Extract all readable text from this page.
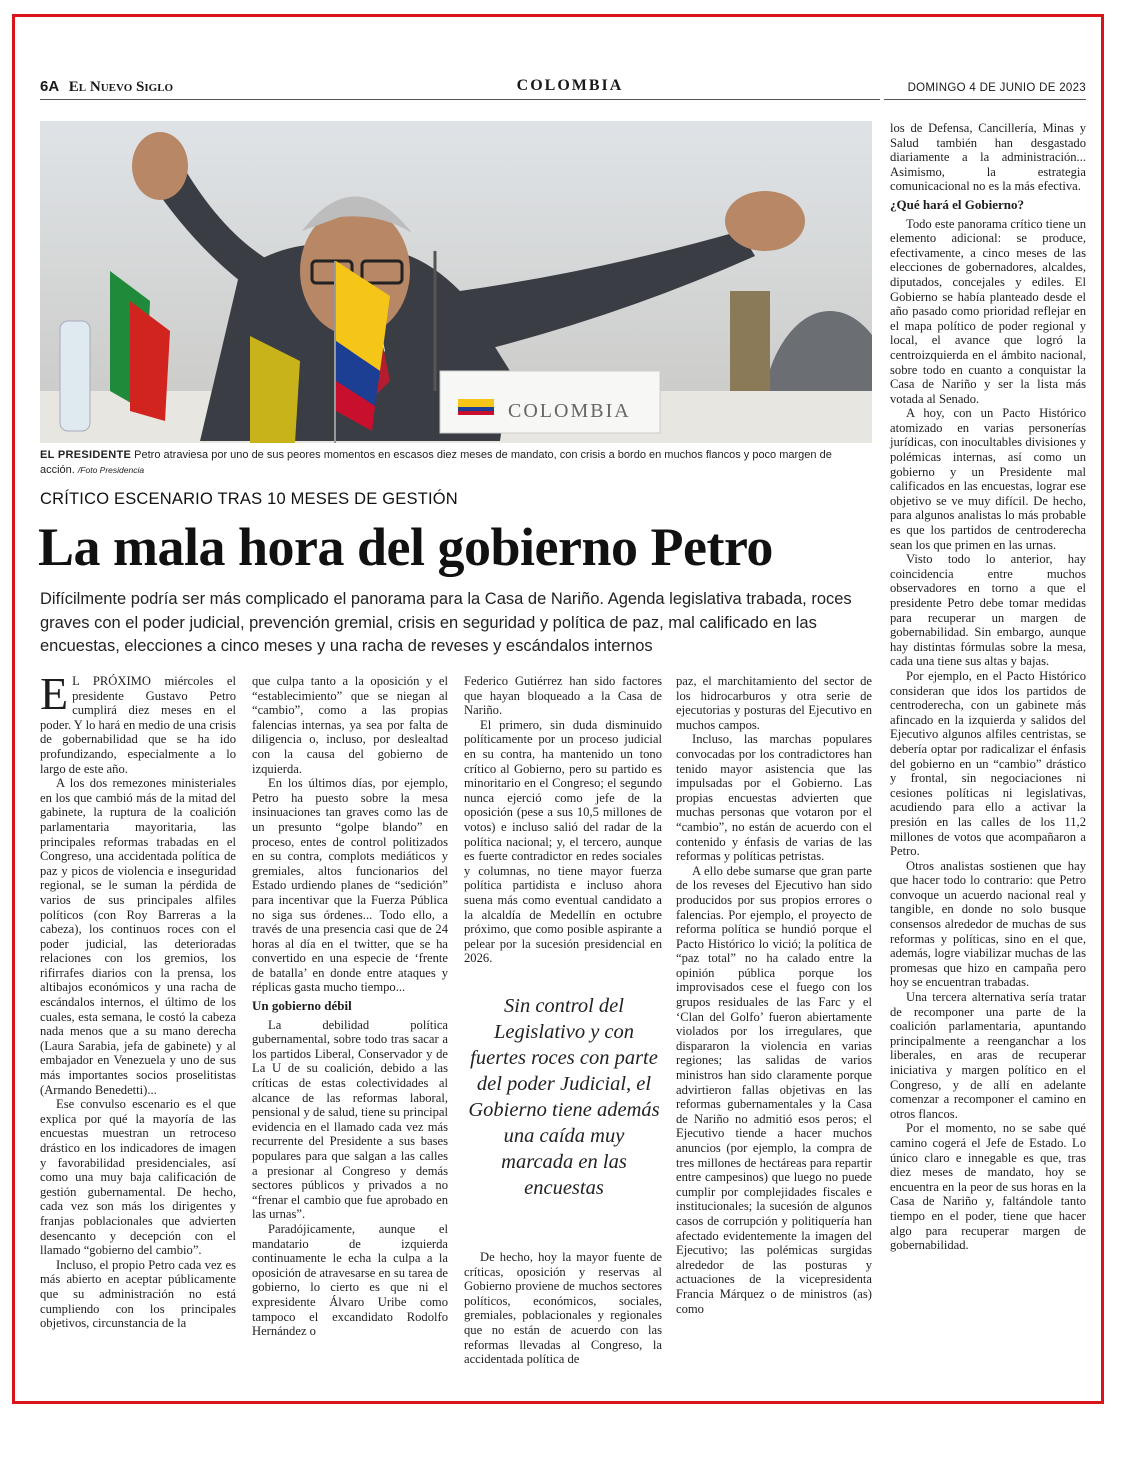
6A El Nuevo Siglo	COLOMBIA	DOMINGO 4 DE JUNIO DE 2023
COLOMBIA
EL PRESIDENTE Petro atraviesa por uno de sus peores momentos en escasos diez meses de mandato, con crisis a bordo en muchos flancos y poco margen de acción. /Foto Presidencia
CRÍTICO ESCENARIO TRAS 10 MESES DE GESTIÓN
La mala hora del gobierno Petro
Difícilmente podría ser más complicado el panorama para la Casa de Nariño. Agenda legislativa trabada, roces graves con el poder judicial, prevención gremial, crisis en seguridad y política de paz, mal calificado en las encuestas, elecciones a cinco meses y una racha de reveses y escándalos internos

E L PRÓXIMO miércoles el presidente Gustavo Petro cumplirá diez meses en el poder. Y lo hará en medio de una crisis de gobernabilidad que se ha ido profundizando, especialmente a lo largo de este año.

A los dos remezones ministeriales en los que cambió más de la mitad del gabinete, la ruptura de la coalición parlamentaria mayoritaria, las principales reformas trabadas en el Congreso, una accidentada política de paz y picos de violencia e inseguridad regional, se le suman la pérdida de varios de sus principales alfiles políticos (con Roy Barreras a la cabeza), los continuos roces con el poder judicial, las deterioradas relaciones con los gremios, los rifirrafes diarios con la prensa, los altibajos económicos y una racha de escándalos internos, el último de los cuales, esta semana, le costó la cabeza nada menos que a su mano derecha (Laura Sarabia, jefa de gabinete) y al embajador en Venezuela y uno de sus más importantes socios proselitistas (Armando Benedetti)...

Ese convulso escenario es el que explica por qué la mayoría de las encuestas muestran un retroceso drástico en los indicadores de imagen y favorabilidad presidenciales, así como una muy baja calificación de gestión gubernamental. De hecho, cada vez son más los dirigentes y franjas poblacionales que advierten desencanto y decepción con el llamado “gobierno del cambio”.

Incluso, el propio Petro cada vez es más abierto en aceptar públicamente que su administración no está cumpliendo con los principales objetivos, circunstancia de la

que culpa tanto a la oposición y el “establecimiento” que se niegan al “cambio”, como a las propias falencias internas, ya sea por falta de diligencia o, incluso, por deslealtad con la causa del gobierno de izquierda.

En los últimos días, por ejemplo, Petro ha puesto sobre la mesa insinuaciones tan graves como las de un presunto “golpe blando” en proceso, entes de control politizados en su contra, complots mediáticos y gremiales, altos funcionarios del Estado urdiendo planes de “sedición” para incentivar que la Fuerza Pública no siga sus órdenes... Todo ello, a través de una presencia casi que de 24 horas al día en el twitter, que se ha convertido en una especie de ‘frente de batalla’ en donde entre ataques y réplicas gasta mucho tiempo...

Un gobierno débil

La debilidad política gubernamental, sobre todo tras sacar a los partidos Liberal, Conservador y de La U de su coalición, debido a las críticas de estas colectividades al alcance de las reformas laboral, pensional y de salud, tiene su principal evidencia en el llamado cada vez más recurrente del Presidente a sus bases populares para que salgan a las calles a presionar al Congreso y demás sectores públicos y privados a no “frenar el cambio que fue aprobado en las urnas”.

Paradójicamente, aunque el mandatario de izquierda continuamente le echa la culpa a la oposición de atravesarse en su tarea de gobierno, lo cierto es que ni el expresidente Álvaro Uribe como tampoco el excandidato Rodolfo Hernández o

Federico Gutiérrez han sido factores que hayan bloqueado a la Casa de Nariño.

El primero, sin duda disminuido políticamente por un proceso judicial en su contra, ha mantenido un tono crítico al Gobierno, pero su partido es minoritario en el Congreso; el segundo nunca ejerció como jefe de la oposición (pese a sus 10,5 millones de votos) e incluso salió del radar de la política nacional; y, el tercero, aunque es fuerte contradictor en redes sociales y columnas, no tiene mayor fuerza política partidista e incluso ahora suena más como eventual candidato a la alcaldía de Medellín en octubre próximo, que como posible aspirante a pelear por la sucesión presidencial en 2026.

Sin control del Legislativo y con fuertes roces con parte del poder Judicial, el Gobierno tiene además una caída muy marcada en las encuestas

De hecho, hoy la mayor fuente de críticas, oposición y reservas al Gobierno proviene de muchos sectores políticos, económicos, sociales, gremiales, poblacionales y regionales que no están de acuerdo con las reformas llevadas al Congreso, la accidentada política de

paz, el marchitamiento del sector de los hidrocarburos y otra serie de ejecutorias y posturas del Ejecutivo en muchos campos.

Incluso, las marchas populares convocadas por los contradictores han tenido mayor asistencia que las impulsadas por el Gobierno. Las propias encuestas advierten que muchas personas que votaron por el “cambio”, no están de acuerdo con el contenido y énfasis de varias de las reformas y políticas petristas.

A ello debe sumarse que gran parte de los reveses del Ejecutivo han sido producidos por sus propios errores o falencias. Por ejemplo, el proyecto de reforma política se hundió porque el Pacto Histórico lo vició; la política de “paz total” no ha calado entre la opinión pública porque los improvisados cese el fuego con los grupos residuales de las Farc y el ‘Clan del Golfo’ fueron abiertamente violados por los irregulares, que dispararon la violencia en varias regiones; las salidas de varios ministros han sido claramente porque advirtieron fallas objetivas en las reformas gubernamentales y la Casa de Nariño no admitió esos peros; el Ejecutivo tiende a hacer muchos anuncios (por ejemplo, la compra de tres millones de hectáreas para repartir entre campesinos) que luego no puede cumplir por complejidades fiscales e institucionales; la sucesión de algunos casos de corrupción y politiquería han afectado evidentemente la imagen del Ejecutivo; las polémicas surgidas alrededor de las posturas y actuaciones de la vicepresidenta Francia Márquez o de ministros (as) como

los de Defensa, Cancillería, Minas y Salud también han desgastado diariamente a la administración... Asimismo, la estrategia comunicacional no es la más efectiva.

¿Qué hará el Gobierno?

Todo este panorama crítico tiene un elemento adicional: se produce, efectivamente, a cinco meses de las elecciones de gobernadores, alcaldes, diputados, concejales y ediles. El Gobierno se había planteado desde el año pasado como prioridad reflejar en el mapa político de poder regional y local, el avance que logró la centroizquierda en el ámbito nacional, sobre todo en cuanto a conquistar la Casa de Nariño y ser la lista más votada al Senado.

A hoy, con un Pacto Histórico atomizado en varias personerías jurídicas, con inocultables divisiones y polémicas internas, así como un gobierno y un Presidente mal calificados en las encuestas, lograr ese objetivo se ve muy difícil. De hecho, para algunos analistas lo más probable es que los partidos de centroderecha sean los que primen en las urnas.

Visto todo lo anterior, hay coincidencia entre muchos observadores en torno a que el presidente Petro debe tomar medidas para recuperar un margen de gobernabilidad. Sin embargo, aunque hay distintas fórmulas sobre la mesa, cada una tiene sus altas y bajas.

Por ejemplo, en el Pacto Histórico consideran que idos los partidos de centroderecha, con un gabinete más afincado en la izquierda y salidos del Ejecutivo algunos alfiles centristas, se debería optar por radicalizar el énfasis del gobierno en un “cambio” drástico y frontal, sin negociaciones ni cesiones políticas ni legislativas, acudiendo para ello a activar la presión en las calles de los 11,2 millones de votos que acompañaron a Petro.

Otros analistas sostienen que hay que hacer todo lo contrario: que Petro convoque un acuerdo nacional real y tangible, en donde no solo busque consensos alrededor de muchas de sus reformas y políticas, sino en el que, además, logre viabilizar muchas de las promesas que hizo en campaña pero hoy se encuentran trabadas.

Una tercera alternativa sería tratar de recomponer una parte de la coalición parlamentaria, apuntando principalmente a reenganchar a los liberales, en aras de recuperar iniciativa y margen político en el Congreso, y de allí en adelante comenzar a recomponer el camino en otros flancos.

Por el momento, no se sabe qué camino cogerá el Jefe de Estado. Lo único claro e innegable es que, tras diez meses de mandato, hoy se encuentra en la peor de sus horas en la Casa de Nariño y, faltándole tanto tiempo en el poder, tiene que hacer algo para recuperar margen de gobernabilidad.
